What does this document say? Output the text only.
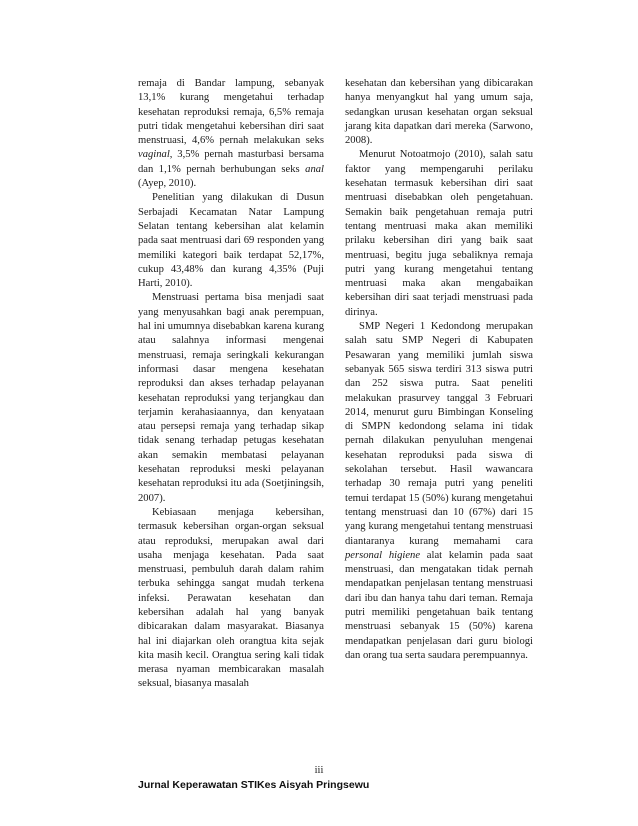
remaja di Bandar lampung, sebanyak 13,1% kurang mengetahui terhadap kesehatan reproduksi remaja, 6,5% remaja putri tidak mengetahui kebersihan diri saat menstruasi, 4,6% pernah melakukan seks vaginal, 3,5% pernah masturbasi bersama dan 1,1% pernah berhubungan seks anal (Ayep, 2010).

Penelitian yang dilakukan di Dusun Serbajadi Kecamatan Natar Lampung Selatan tentang kebersihan alat kelamin pada saat mentruasi dari 69 responden yang memiliki kategori baik terdapat 52,17%, cukup 43,48% dan kurang 4,35% (Puji Harti, 2010).

Menstruasi pertama bisa menjadi saat yang menyusahkan bagi anak perempuan, hal ini umumnya disebabkan karena kurang atau salahnya informasi mengenai menstruasi, remaja seringkali kekurangan informasi dasar mengena kesehatan reproduksi dan akses terhadap pelayanan kesehatan reproduksi yang terjangkau dan terjamin kerahasiaannya, dan kenyataan atau persepsi remaja yang terhadap sikap tidak senang terhadap petugas kesehatan akan semakin membatasi pelayanan kesehatan reproduksi meski pelayanan kesehatan reproduksi itu ada (Soetjiningsih, 2007).

Kebiasaan menjaga kebersihan, termasuk kebersihan organ-organ seksual atau reproduksi, merupakan awal dari usaha menjaga kesehatan. Pada saat menstruasi, pembuluh darah dalam rahim terbuka sehingga sangat mudah terkena infeksi. Perawatan kesehatan dan kebersihan adalah hal yang banyak dibicarakan dalam masyarakat. Biasanya hal ini diajarkan oleh orangtua kita sejak kita masih kecil. Orangtua sering kali tidak merasa nyaman membicarakan masalah seksual, biasanya masalah

kesehatan dan kebersihan yang dibicarakan hanya menyangkut hal yang umum saja, sedangkan urusan kesehatan organ seksual jarang kita dapatkan dari mereka (Sarwono, 2008).

Menurut Notoatmojo (2010), salah satu faktor yang mempengaruhi perilaku kesehatan termasuk kebersihan diri saat mentruasi disebabkan oleh pengetahuan. Semakin baik pengetahuan remaja putri tentang mentruasi maka akan memiliki prilaku kebersihan diri yang baik saat mentruasi, begitu juga sebaliknya remaja putri yang kurang mengetahui tentang mentruasi maka akan mengabaikan kebersihan diri saat terjadi menstruasi pada dirinya.

SMP Negeri 1 Kedondong merupakan salah satu SMP Negeri di Kabupaten Pesawaran yang memiliki jumlah siswa sebanyak 565 siswa terdiri 313 siswa putri dan 252 siswa putra. Saat peneliti melakukan prasurvey tanggal 3 Februari 2014, menurut guru Bimbingan Konseling di SMPN kedondong selama ini tidak pernah dilakukan penyuluhan mengenai kesehatan reproduksi pada siswa di sekolahan tersebut. Hasil wawancara terhadap 30 remaja putri yang peneliti temui terdapat 15 (50%) kurang mengetahui tentang menstruasi dan 10 (67%) dari 15 yang kurang mengetahui tentang menstruasi diantaranya kurang memahami cara personal higiene alat kelamin pada saat menstruasi, dan mengatakan tidak pernah mendapatkan penjelasan tentang menstruasi dari ibu dan hanya tahu dari teman. Remaja putri memiliki pengetahuan baik tentang menstruasi sebanyak 15 (50%) karena mendapatkan penjelasan dari guru biologi dan orang tua serta saudara perempuannya.

iii
Jurnal Keperawatan STIKes Aisyah Pringsewu
